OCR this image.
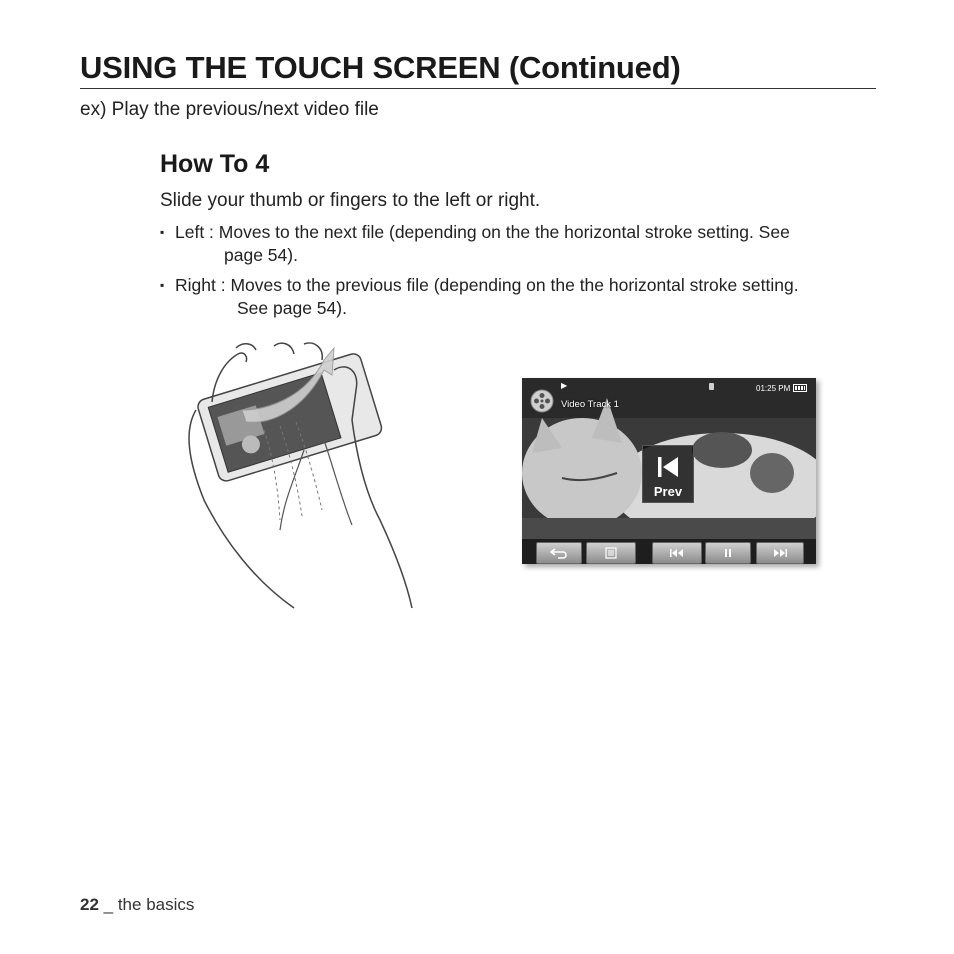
USING THE TOUCH SCREEN (Continued)
ex) Play the previous/next video file
How To 4
Slide your thumb or fingers to the left or right.
▪ Left : Moves to the next file (depending on the the horizontal stroke setting. See
page 54).
▪ Right : Moves to the previous file (depending on the the horizontal stroke setting.
See page 54).
▶	01:25 PM
Video Track 1
Prev
22 _ the basics
